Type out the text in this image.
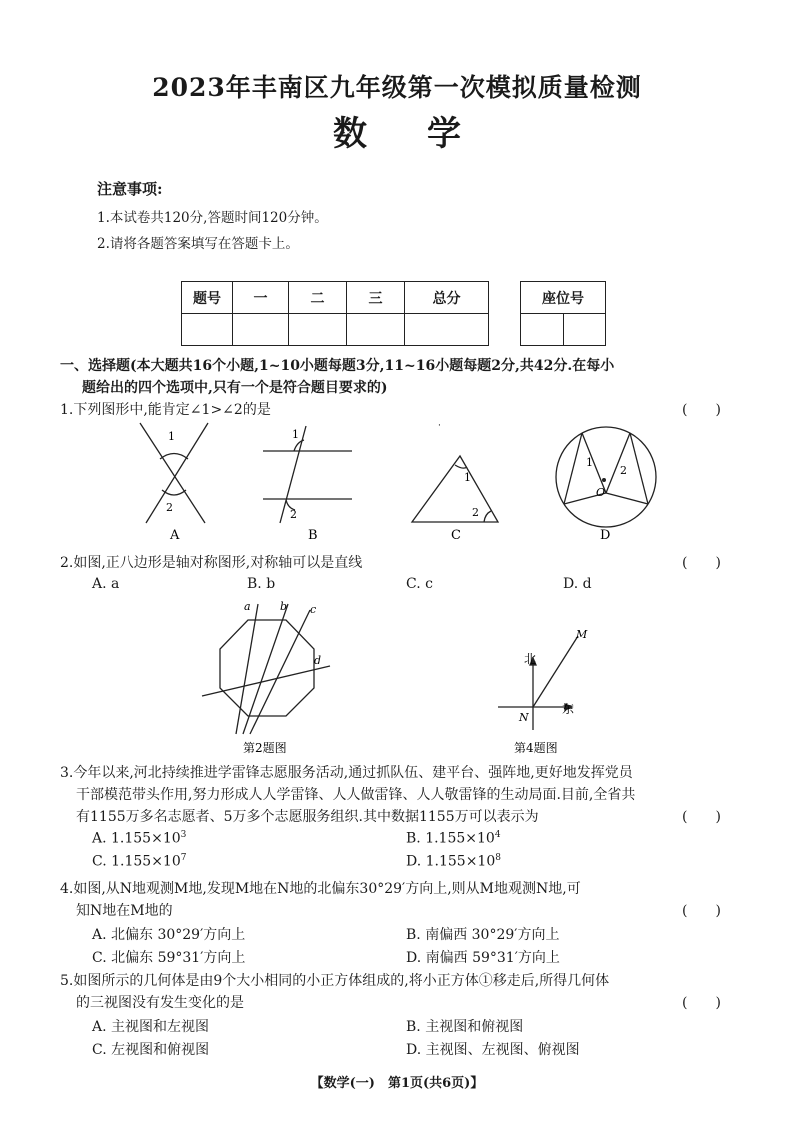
2023年丰南区九年级第一次模拟质量检测
数学
注意事项:
1.本试卷共120分,答题时间120分钟。
2.请将各题答案填写在答题卡上。
题号	一	二	三	总分
					座位号

一、选择题(本大题共16个小题,1~10小题每题3分,11~16小题每题2分,共42分.在每小
题给出的四个选项中,只有一个是符合题目要求的)
1.下列图形中,能肯定∠1>∠2的是	(　　)
1
2
A
1
2
B
·
1
2
C
1
2
O
D
2.如图,正八边形是轴对称图形,对称轴可以是直线	(　　)
A. a	B. b	C. c	D. d
a	b c
d
第2题图
北
东
N
M
第4题图
3.今年以来,河北持续推进学雷锋志愿服务活动,通过抓队伍、建平台、强阵地,更好地发挥党员
干部模范带头作用,努力形成人人学雷锋、人人做雷锋、人人敬雷锋的生动局面.目前,全省共
有1155万多名志愿者、5万多个志愿服务组织.其中数据1155万可以表示为	(　　)
A. $1.155\times 10^3$	B. $1.155\times 10^4$
C. $1.155\times 10^7$	D. $1.155\times 10^8$
4.如图,从N地观测M地,发现M地在N地的北偏东30°29′方向上,则从M地观测N地,可
知N地在M地的	(　　)
A. 北偏东 30°29′方向上	B. 南偏西 30°29′方向上
C. 北偏东 59°31′方向上	D. 南偏西 59°31′方向上
5.如图所示的几何体是由9个大小相同的小正方体组成的,将小正方体①移走后,所得几何体
的三视图没有发生变化的是	(　　)
A. 主视图和左视图	B. 主视图和俯视图
C. 左视图和俯视图	D. 主视图、左视图、俯视图
【数学(一)　第1页(共6页)】
